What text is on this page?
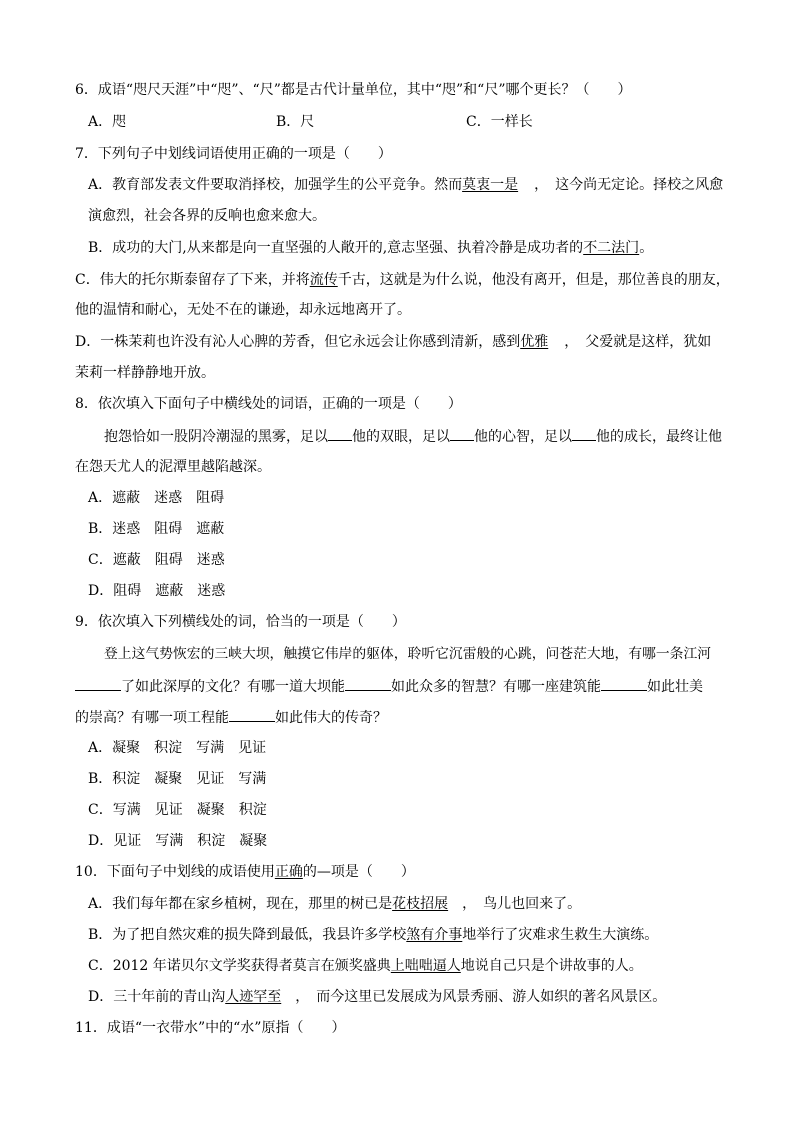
6．成语“咫尺天涯”中“咫”、“尺”都是古代计量单位，其中“咫”和“尺”哪个更长？（　　）
A．咫	B．尺	C．一样长
7．下列句子中划线词语使用正确的一项是（　　）
A．教育部发表文件要取消择校，加强学生的公平竞争。然而莫衷一是 ，　这今尚无定论。择校之风愈
演愈烈，社会各界的反响也愈来愈大。
B．成功的大门,从来都是向一直坚强的人敞开的,意志坚强、执着冷静是成功者的不二法门。
C．伟大的托尔斯泰留存了下来，并将流传千古，这就是为什么说，他没有离开，但是，那位善良的朋友，
他的温情和耐心，无处不在的谦逊，却永远地离开了。
D．一株茉莉也许没有沁人心脾的芳香，但它永远会让你感到清新，感到优雅 ，　父爱就是这样，犹如
茉莉一样静静地开放。
8．依次填入下面句子中横线处的词语，正确的一项是（　　）
抱怨恰如一股阴冷潮湿的黑雾，足以 他的双眼，足以 他的心智，足以 他的成长，最终让他
在怨天尤人的泥潭里越陷越深。
A．遮蔽　迷惑　阻碍
B．迷惑　阻碍　遮蔽
C．遮蔽　阻碍　迷惑
D．阻碍　遮蔽　迷惑
9．依次填入下列横线处的词，恰当的一项是（　　）
登上这气势恢宏的三峡大坝，触摸它伟岸的躯体，聆听它沉雷般的心跳，问苍茫大地，有哪一条江河
了如此深厚的文化？有哪一道大坝能	如此众多的智慧？有哪一座建筑能	如此壮美
的崇高？有哪一项工程能	如此伟大的传奇？
A．凝聚　积淀　写满　见证
B．积淀　凝聚　见证　写满
C．写满　见证　凝聚　积淀
D．见证　写满　积淀　凝聚
10．下面句子中划线的成语使用正确的—项是（　　）
A．我们每年都在家乡植树，现在，那里的树已是花枝招展　，　鸟儿也回来了。
B．为了把自然灾难的损失降到最低，我县许多学校煞有介事地举行了灾难求生救生大演练。
C．2012 年诺贝尔文学奖获得者莫言在颁奖盛典上咄咄逼人地说自己只是个讲故事的人。
D．三十年前的青山沟人迹罕至　，　而今这里已发展成为风景秀丽、游人如织的著名风景区。
11．成语“一衣带水”中的“水”原指（　　）
